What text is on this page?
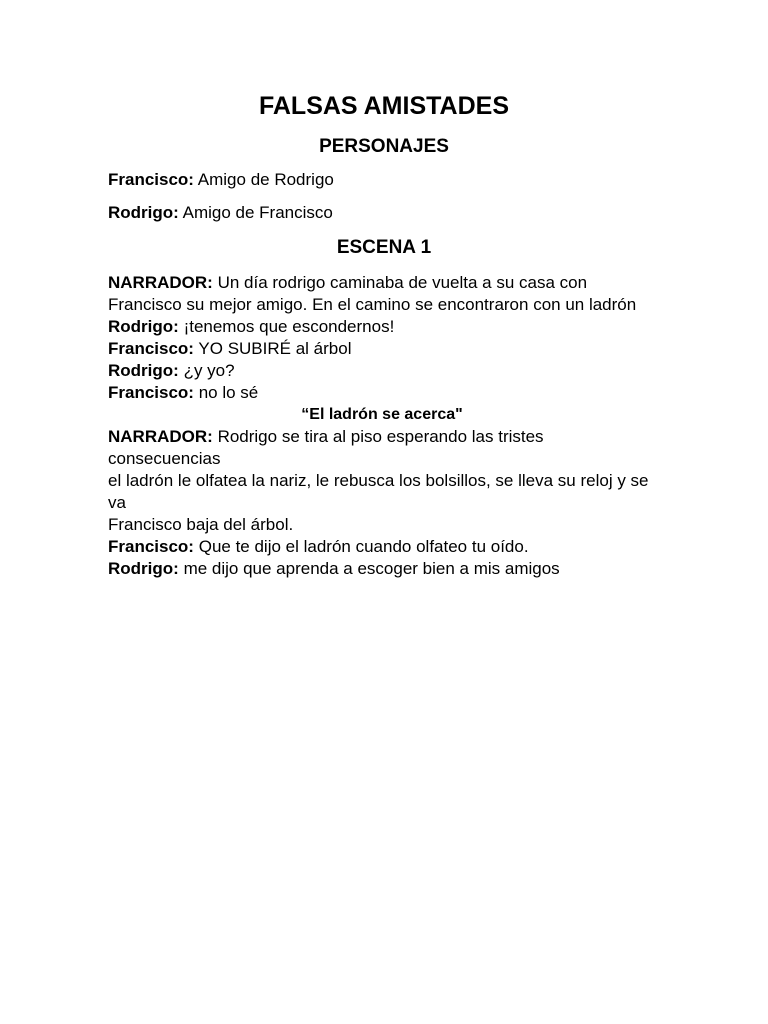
FALSAS AMISTADES
PERSONAJES
Francisco: Amigo de Rodrigo
Rodrigo: Amigo de Francisco
ESCENA 1

NARRADOR: Un día rodrigo caminaba de vuelta a su casa con Francisco su mejor amigo. En el camino se encontraron con un ladrón

Rodrigo: ¡tenemos que escondernos!

Francisco: YO SUBIRÉ al árbol

Rodrigo: ¿y yo?

Francisco: no lo sé

“El ladrón se acerca"

NARRADOR: Rodrigo se tira al piso esperando las tristes consecuencias

el ladrón le olfatea la nariz, le rebusca los bolsillos, se lleva su reloj y se va

Francisco baja del árbol.

Francisco: Que te dijo el ladrón cuando olfateo tu oído.

Rodrigo: me dijo que aprenda a escoger bien a mis amigos
